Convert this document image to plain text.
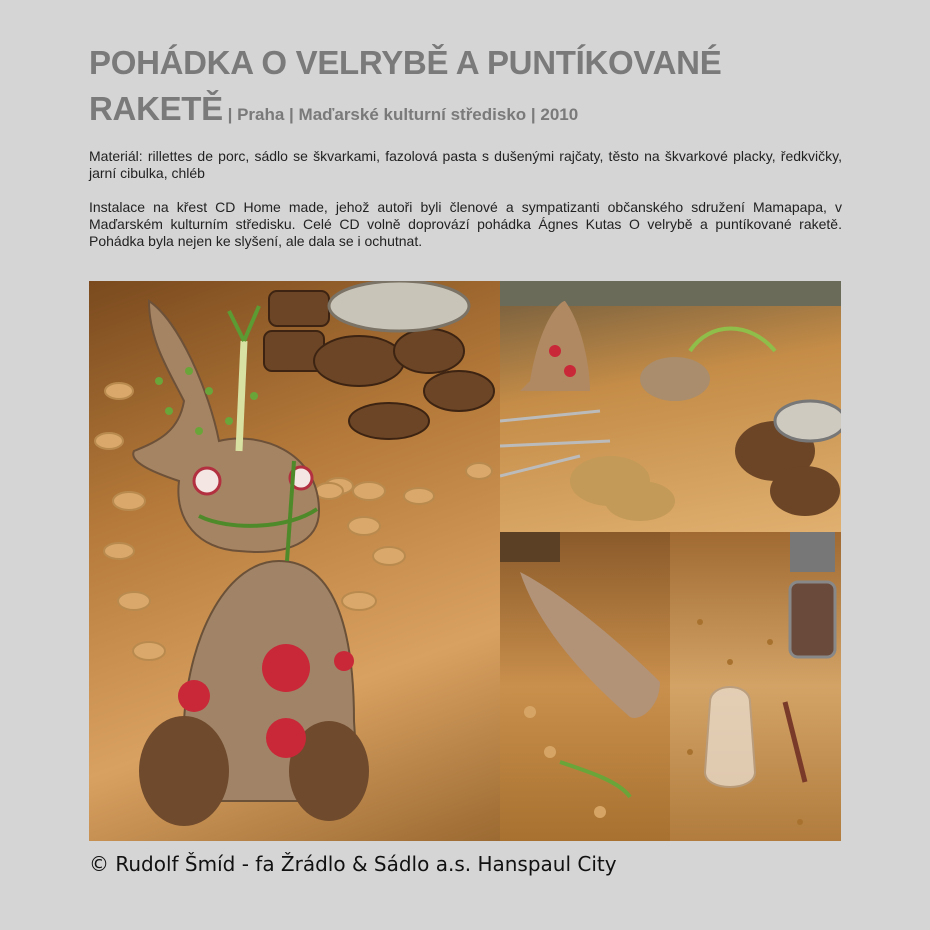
POHÁDKA O VELRYBĚ A PUNTÍKOVANÉ
RAKETĚ | Praha | Maďarské kulturní středisko | 2010
Materiál: rillettes de porc, sádlo se škvarkami, fazolová pasta s dušenými rajčaty, těsto na škvarkové placky, ředkvičky, jarní cibulka, chléb
Instalace na křest CD Home made, jehož autoři byli členové a sympatizanti občanského sdružení Mamapapa, v Maďarském kulturním středisku. Celé CD volně doprovází pohádka Ágnes Kutas O velrybě a puntíkované raketě. Pohádka byla nejen ke slyšení, ale dala se i ochutnat.
© Rudolf Šmíd - fa Žrádlo & Sádlo a.s. Hanspaul City
